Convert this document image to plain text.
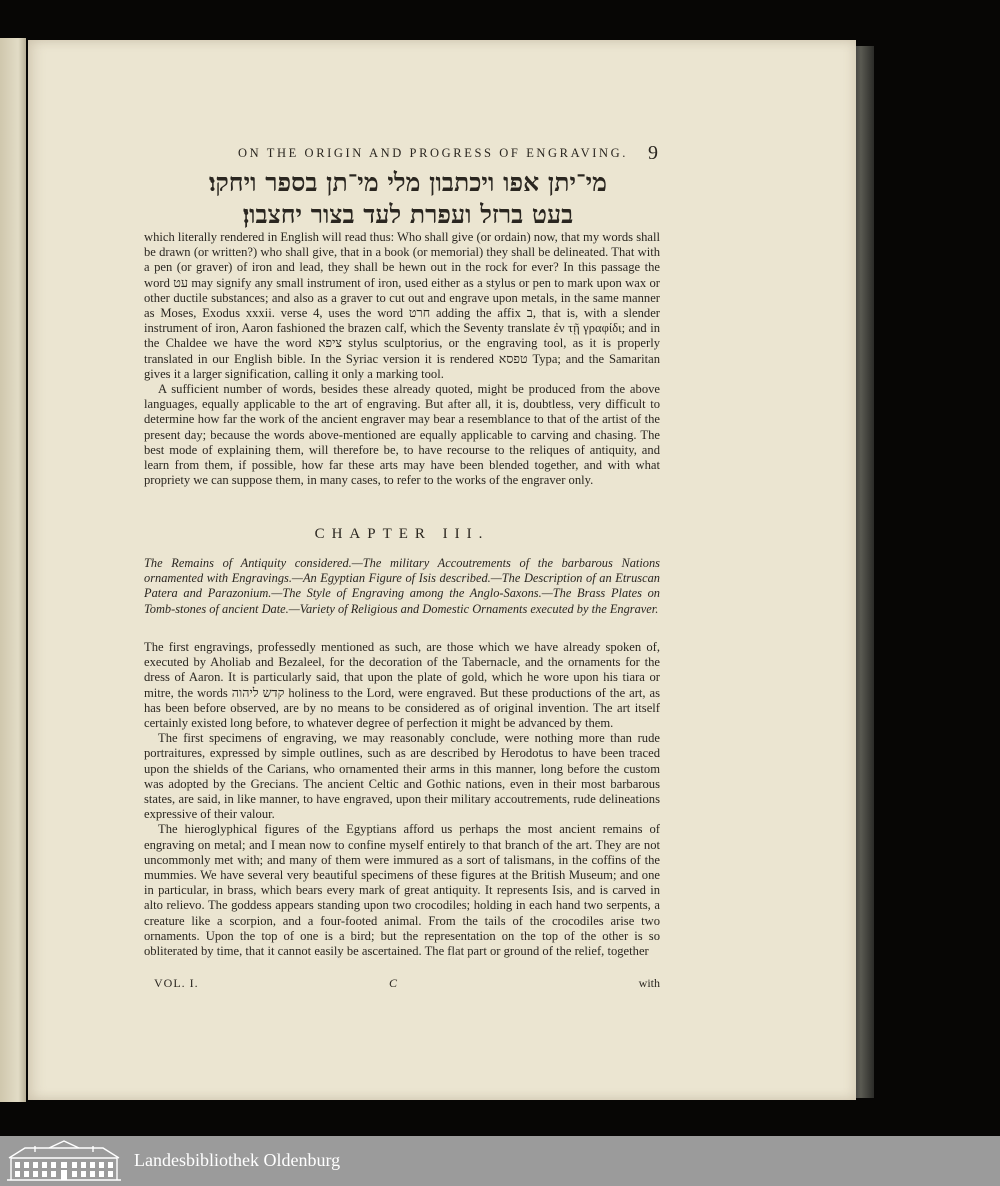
ON THE ORIGIN AND PROGRESS OF ENGRAVING. 9
מי־יתן אפו ויכתבון מלי מי־תן בספר ויחקו׃
בעט ברזל ועפרת לעד בצור יחצבון׃

which literally rendered in English will read thus: Who shall give (or ordain) now, that my words shall be drawn (or written?) who shall give, that in a book (or memorial) they shall be delineated. That with a pen (or graver) of iron and lead, they shall be hewn out in the rock for ever? In this passage the word עט may signify any small instrument of iron, used either as a stylus or pen to mark upon wax or other ductile substances; and also as a graver to cut out and engrave upon metals, in the same manner as Moses, Exodus xxxii. verse 4, uses the word חרט adding the affix ב, that is, with a slender instrument of iron, Aaron fashioned the brazen calf, which the Seventy translate ἐν τῇ γραφίδι; and in the Chaldee we have the word ציפא stylus sculptorius, or the engraving tool, as it is properly translated in our English bible. In the Syriac version it is rendered טפסא Typa; and the Samaritan gives it a larger signification, calling it only a marking tool.

A sufficient number of words, besides these already quoted, might be produced from the above languages, equally applicable to the art of engraving. But after all, it is, doubtless, very difficult to determine how far the work of the ancient engraver may bear a resemblance to that of the artist of the present day; because the words above-mentioned are equally applicable to carving and chasing. The best mode of explaining them, will therefore be, to have recourse to the reliques of antiquity, and learn from them, if possible, how far these arts may have been blended together, and with what propriety we can suppose them, in many cases, to refer to the works of the engraver only.

CHAPTER III.
The Remains of Antiquity considered.—The military Accoutrements of the barbarous Nations ornamented with Engravings.—An Egyptian Figure of Isis described.—The Description of an Etruscan Patera and Parazonium.—The Style of Engraving among the Anglo-Saxons.—The Brass Plates on Tomb-stones of ancient Date.—Variety of Religious and Domestic Ornaments executed by the Engraver.

The first engravings, professedly mentioned as such, are those which we have already spoken of, executed by Aholiab and Bezaleel, for the decoration of the Tabernacle, and the ornaments for the dress of Aaron. It is particularly said, that upon the plate of gold, which he wore upon his tiara or mitre, the words קדש ליהוה holiness to the Lord, were engraved. But these productions of the art, as has been before observed, are by no means to be considered as of original invention. The art itself certainly existed long before, to whatever degree of perfection it might be advanced by them.

The first specimens of engraving, we may reasonably conclude, were nothing more than rude portraitures, expressed by simple outlines, such as are described by Herodotus to have been traced upon the shields of the Carians, who ornamented their arms in this manner, long before the custom was adopted by the Grecians. The ancient Celtic and Gothic nations, even in their most barbarous states, are said, in like manner, to have engraved, upon their military accoutrements, rude delineations expressive of their valour.

The hieroglyphical figures of the Egyptians afford us perhaps the most ancient remains of engraving on metal; and I mean now to confine myself entirely to that branch of the art. They are not uncommonly met with; and many of them were immured as a sort of talismans, in the coffins of the mummies. We have several very beautiful specimens of these figures at the British Museum; and one in particular, in brass, which bears every mark of great antiquity. It represents Isis, and is carved in alto relievo. The goddess appears standing upon two crocodiles; holding in each hand two serpents, a creature like a scorpion, and a four-footed animal. From the tails of the crocodiles arise two ornaments. Upon the top of one is a bird; but the representation on the top of the other is so obliterated by time, that it cannot easily be ascertained. The flat part or ground of the relief, together

VOL. I.	C	with
Landesbibliothek Oldenburg
